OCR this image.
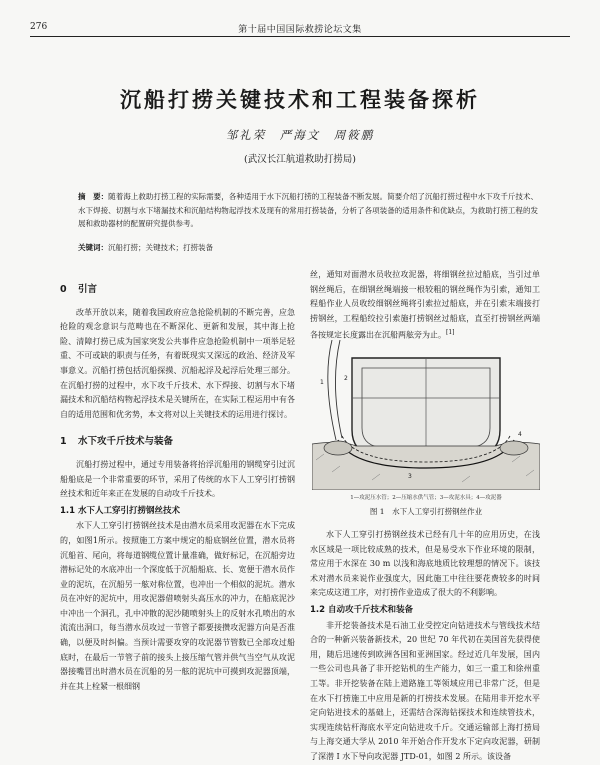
276	第十届中国国际救捞论坛文集
沉船打捞关键技术和工程装备探析
邹礼荣　严海文　周筱鹏
(武汉长江航道救助打捞局)
摘　要：随着海上救助打捞工程的实际需要，各种适用于水下沉船打捞的工程装备不断发展。简要介绍了沉船打捞过程中水下攻千斤技术、水下焊接、切割与水下堵漏技术和沉船结构物起浮技术及现有的常用打捞装备，分析了各项装备的适用条件和优缺点，为救助打捞工程的发展和救助器材的配置研究提供参考。
关键词：沉船打捞；关键技术；打捞装备
0 引言

改革开放以来，随着我国政府应急抢险机制的不断完善，应急抢险的观念意识与范畴也在不断深化、更新和发展，其中海上抢险、清障打捞已成为国家突发公共事件应急抢险机制中一项举足轻重、不可或缺的职责与任务，有着既现实又深远的政治、经济及军事意义。沉船打捞包括沉船探摸、沉船起浮及起浮后处理三部分。在沉船打捞的过程中，水下攻千斤技术、水下焊接、切割与水下堵漏技术和沉船结构物起浮技术是关键所在，在实际工程运用中有各自的适用范围和优劣势，本文将对以上关键技术的运用进行探讨。

1 水下攻千斤技术与装备

沉船打捞过程中，通过专用装备将抬浮沉船用的钢缆穿引过沉船船底是一个非常重要的环节，采用了传统的水下人工穿引打捞钢丝技术和近年来正在发展的自动攻千斤技术。

1.1 水下人工穿引打捞钢丝技术

水下人工穿引打捞钢丝技术是由潜水员采用攻泥器在水下完成的，如图1所示。按照施工方案中规定的船底钢丝位置，潜水员将沉船首、尾向，将每道钢缆位置计量准确，做好标记，在沉船旁边潜标记处的水底冲出一个深度低于沉船船底、长、宽便于潜水员作业的泥坑，在沉船另一舷对称位置，也冲出一个相似的泥坑。潜水员在冲好的泥坑中，用攻泥器借喷射头高压水的冲力，在船底泥沙中冲出一个洞孔，孔中冲散的泥沙随喷射头上的反射水孔喷出的水流流出洞口，每当潜水员攻过一节管子都要接攒攻泥器方向是否准确，以便及时纠偏。当预计需要攻穿的攻泥器节管数已全部攻过船底时，在最后一节管子前的接头上接压缩气管并供气当空气从攻泥器接嘴冒出时潜水员在沉船的另一舷的泥坑中可摸到攻泥器顶端，并在其上栓紧一根细钢

丝，通知对面潜水员收拉攻泥器，将细钢丝拉过船底，当引过单钢丝绳后，在细钢丝绳端接一根较粗的钢丝绳作为引索，通知工程船作业人员收绞细钢丝绳将引索拉过船底，并在引索末端接打捞钢丝，工程船绞拉引索施打捞钢丝过船底，直至打捞钢丝两端各按规定长度露出在沉船两舷旁为止。[1]

1
2
3
4
1—攻泥压水管；2—压缩水供气管；3—攻泥水具；4—攻泥器
图 1　水下人工穿引打捞钢丝作业

水下人工穿引打捞钢丝技术已经有几十年的应用历史，在浅水区域是一项比较成熟的技术，但是易受水下作业环境的限制，常应用于水深在 30 m 以浅和海底地质比较理想的情况下。该技术对潜水员来说作业强度大，因此施工中往往要花费较多的时间来完成这道工序，对打捞作业造成了很大的不利影响。

1.2 自动攻千斤技术和装备

非开挖装备技术是石油工业受控定向钻进技术与管线技术结合的一种新兴装备新技术，20 世纪 70 年代初在美国首先获得使用，随后迅速传到欧洲各国和亚洲国家。经过近几年发展，国内一些公司也具备了非开挖钻机的生产能力，如三一重工和徐州重工等。非开挖装备在陆上道路施工等领域应用已非常广泛，但是在水下打捞施工中应用是新的打捞技术发展。在陆用非开挖水平定向钻进技术的基础上，还需结合深海钻探技术和连续管技术，实现连续钻杆海底水平定向钻进攻千斤。交通运输部上海打捞局与上海交通大学从 2010 年开始合作开发水下定向攻泥器，研制了深潜 I 水下导向攻泥器 JTD-01，如图 2 所示。该设备
